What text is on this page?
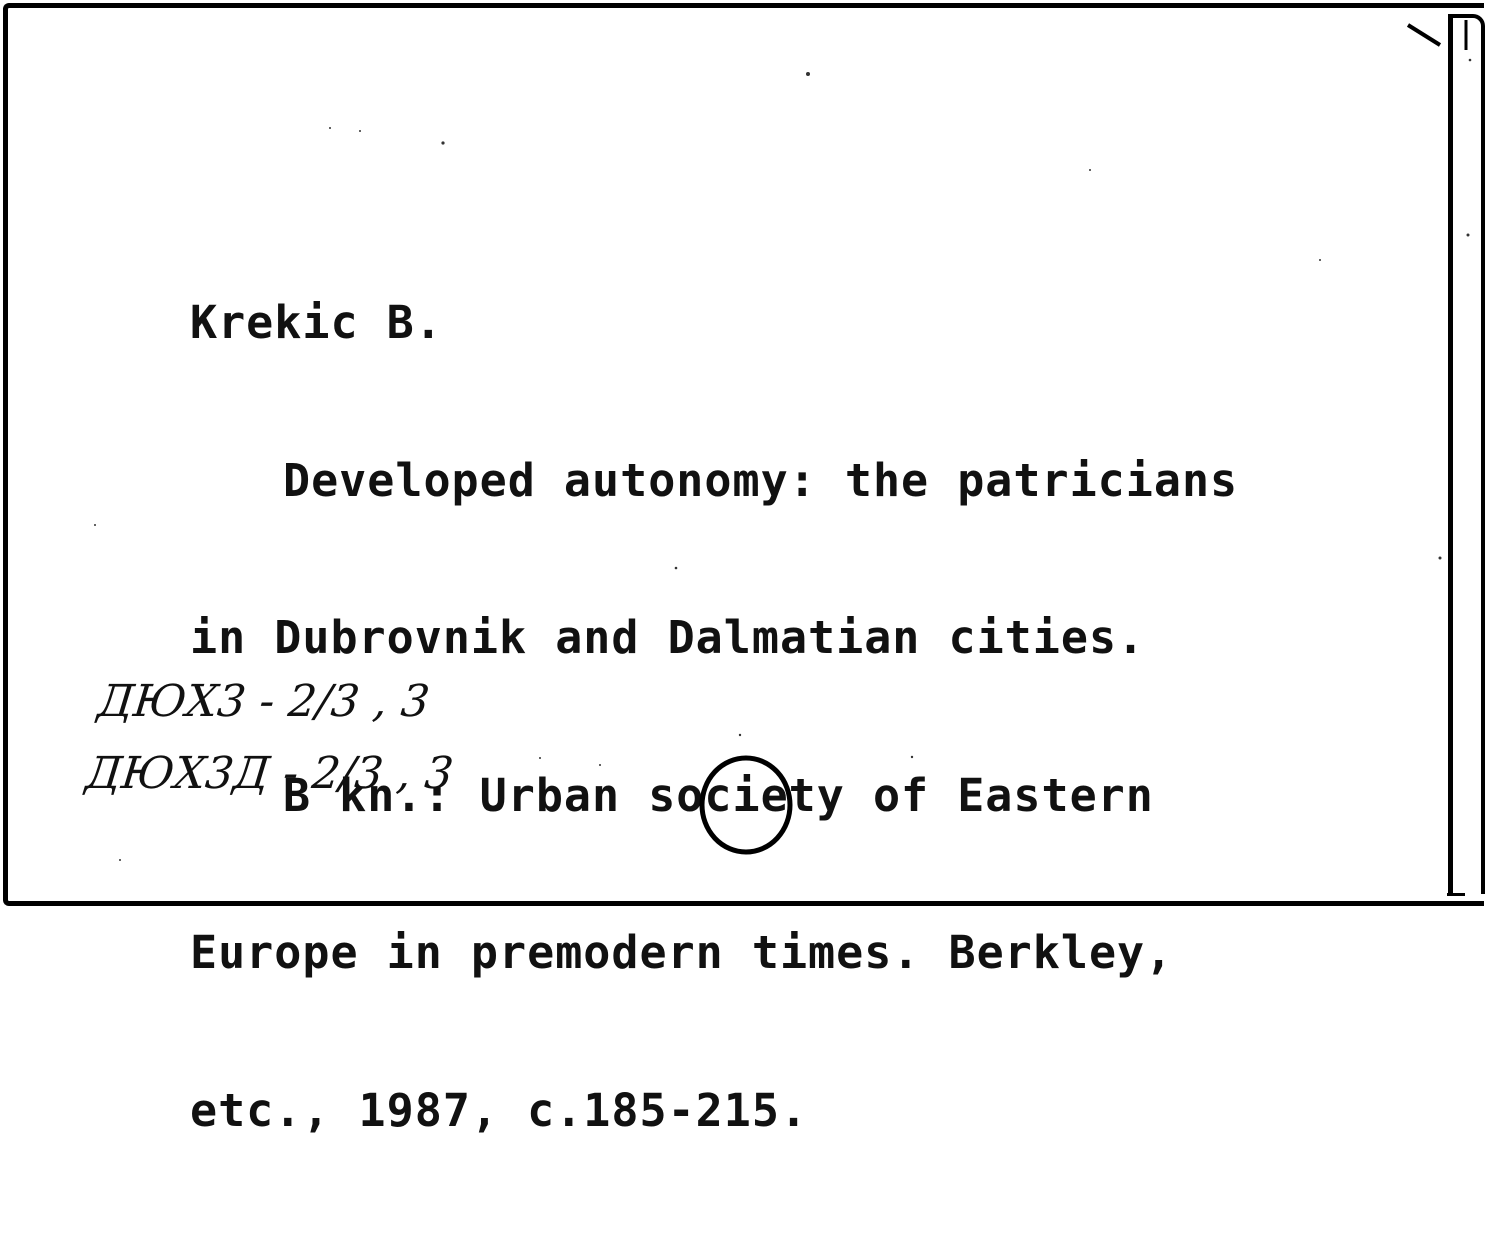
Krekic B.

Developed autonomy: the patricians

in Dubrovnik and Dalmatian cities.

B kn.: Urban society of Eastern

Europe in premodern times. Berkley,

etc., 1987, c.185-215.

ДЮХ3 - 2/3 , 3
ДЮХ3Д - 2/3 , 3
